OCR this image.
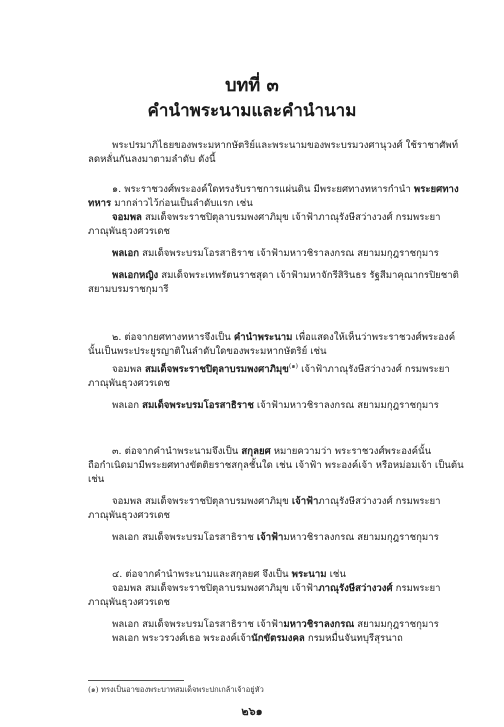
บทที่ ๓
คำนำพระนามและคำนำนาม
พระปรมาภิไธยของพระมหากษัตริย์และพระนามของพระบรมวงศานุวงศ์ ใช้ราชาศัพท์
ลดหลั่นกันลงมาตามลำดับ ดังนี้
๑. พระราชวงศ์พระองค์ใดทรงรับราชการแผ่นดิน มีพระยศทางทหารกำนำ พระยศทาง
ทหาร มากล่าวไว้ก่อนเป็นลำดับแรก เช่น
จอมพล สมเด็จพระราชปิตุลาบรมพงศาภิมุข เจ้าฟ้าภาณุรังษีสว่างวงศ์ กรมพระยา
ภาณุพันธุวงศวรเดช
พลเอก สมเด็จพระบรมโอรสาธิราช เจ้าฟ้ามหาวชิราลงกรณ สยามมกุฎราชกุมาร
พลเอกหญิง สมเด็จพระเทพรัตนราชสุดา เจ้าฟ้ามหาจักรีสิรินธร รัฐสีมาคุณากรปิยชาติ
สยามบรมราชกุมารี
๒. ต่อจากยศทางทหารจึงเป็น คำนำพระนาม เพื่อแสดงให้เห็นว่าพระราชวงศ์พระองค์
นั้นเป็นพระประยูรญาติในลำดับใดของพระมหากษัตริย์ เช่น
จอมพล สมเด็จพระราชปิตุลาบรมพงศาภิมุข$^{(๑)}$ เจ้าฟ้าภาณุรังษีสว่างวงศ์ กรมพระยา
ภาณุพันธุวงศวรเดช
พลเอก สมเด็จพระบรมโอรสาธิราช เจ้าฟ้ามหาวชิราลงกรณ สยามมกุฎราชกุมาร
๓. ต่อจากคำนำพระนามจึงเป็น สกุลยศ หมายความว่า พระราชวงศ์พระองค์นั้น
ถือกำเนิดมามีพระยศทางขัตติยราชสกุลชั้นใด เช่น เจ้าฟ้า พระองค์เจ้า หรือหม่อมเจ้า เป็นต้น
เช่น
จอมพล สมเด็จพระราชปิตุลาบรมพงศาภิมุข เจ้าฟ้าภาณุรังษีสว่างวงศ์ กรมพระยา
ภาณุพันธุวงศวรเดช
พลเอก สมเด็จพระบรมโอรสาธิราช เจ้าฟ้ามหาวชิราลงกรณ สยามมกุฎราชกุมาร
๔. ต่อจากคำนำพระนามและสกุลยศ จึงเป็น พระนาม เช่น
จอมพล สมเด็จพระราชปิตุลาบรมพงศาภิมุข เจ้าฟ้าภาณุรังษีสว่างวงศ์ กรมพระยา
ภาณุพันธุวงศวรเดช
พลเอก สมเด็จพระบรมโอรสาธิราช เจ้าฟ้ามหาวชิราลงกรณ สยามมกุฎราชกุมาร
พลเอก พระวรวงศ์เธอ พระองค์เจ้านักขัตรมงคล กรมหมื่นจันทบุรีสุรนาถ
(๑) ทรงเป็นอาของพระบาทสมเด็จพระปกเกล้าเจ้าอยู่หัว
๒๖๑
